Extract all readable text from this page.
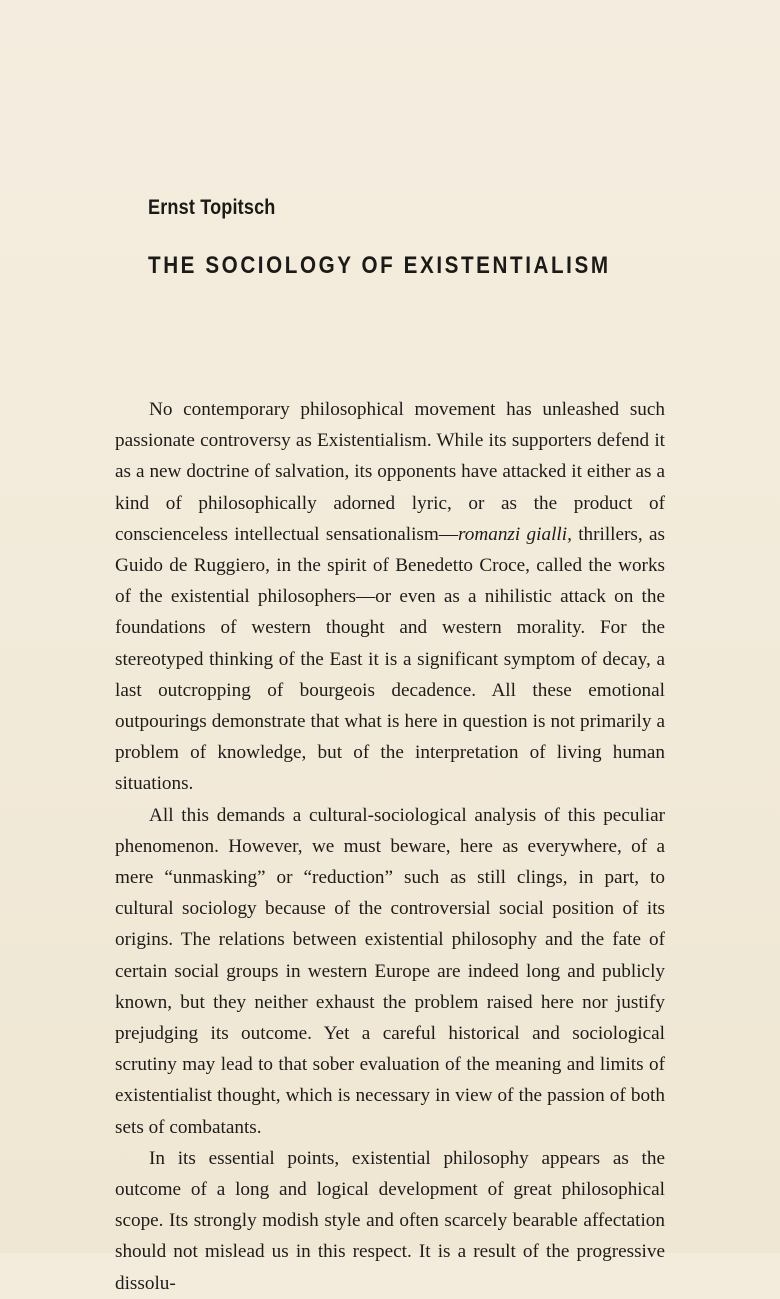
Ernst Topitsch
THE SOCIOLOGY OF EXISTENTIALISM

No contemporary philosophical movement has unleashed such passionate controversy as Existentialism. While its supporters defend it as a new doctrine of salvation, its opponents have attacked it either as a kind of philosophically adorned lyric, or as the product of conscienceless intellectual sensationalism—romanzi gialli, thrillers, as Guido de Ruggiero, in the spirit of Benedetto Croce, called the works of the existential philosophers—or even as a nihilistic attack on the foundations of western thought and western morality. For the stereotyped thinking of the East it is a significant symptom of decay, a last outcropping of bourgeois decadence. All these emotional outpourings demonstrate that what is here in question is not primarily a problem of knowledge, but of the interpretation of living human situations.

All this demands a cultural-sociological analysis of this peculiar phenomenon. However, we must beware, here as everywhere, of a mere “unmasking” or “reduction” such as still clings, in part, to cultural sociology because of the controversial social position of its origins. The relations between existential philosophy and the fate of certain social groups in western Europe are indeed long and publicly known, but they neither exhaust the problem raised here nor justify prejudging its outcome. Yet a careful historical and sociological scrutiny may lead to that sober evaluation of the meaning and limits of existentialist thought, which is necessary in view of the passion of both sets of combatants.

In its essential points, existential philosophy appears as the outcome of a long and logical development of great philosophical scope. Its strongly modish style and often scarcely bearable affectation should not mislead us in this respect. It is a result of the progressive dissolu-
